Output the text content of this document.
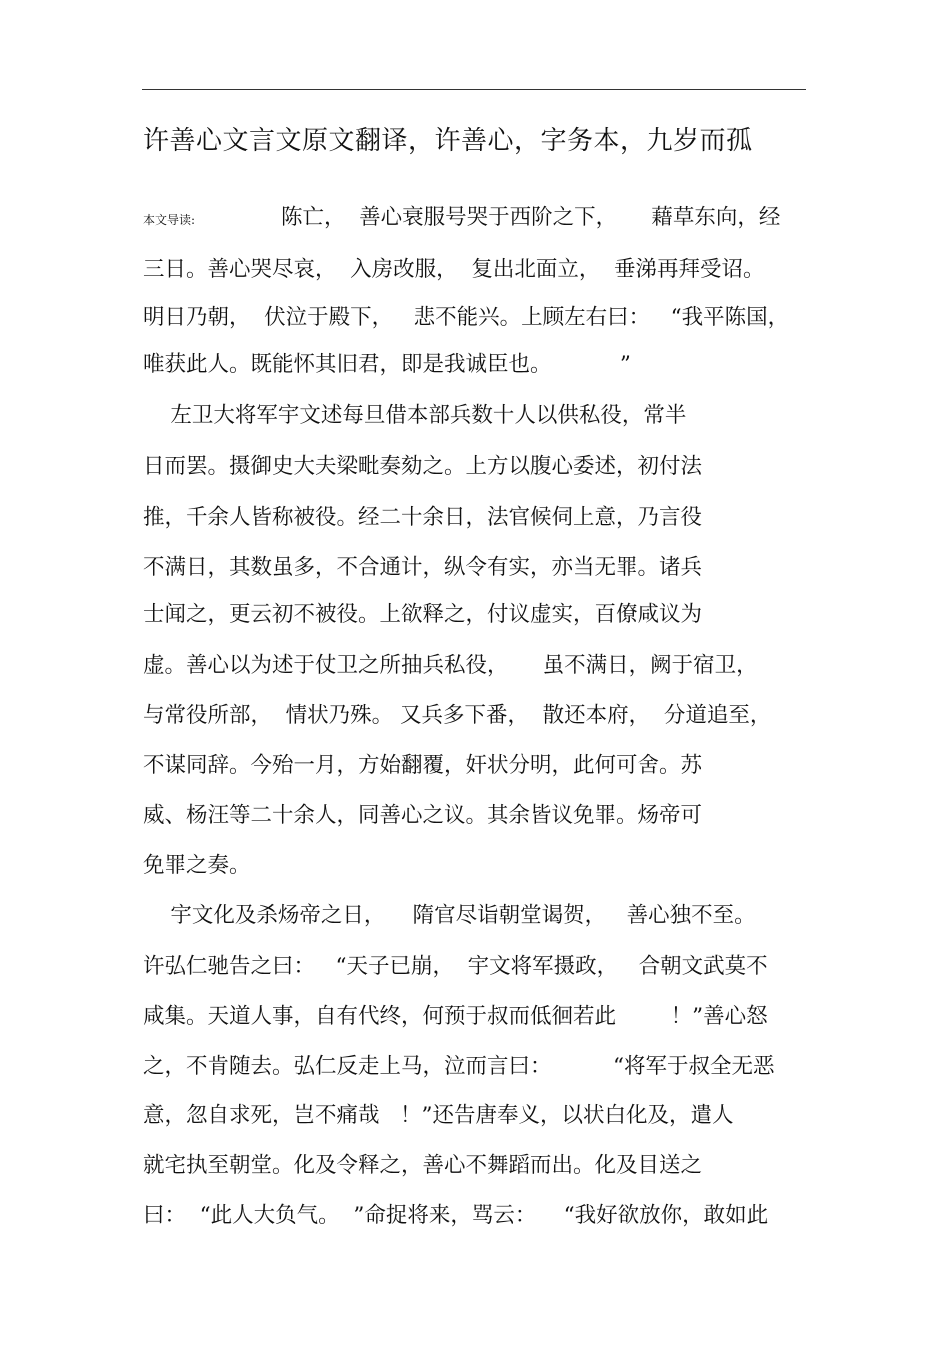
许善心文言文原文翻译，许善心，字务本，九岁而孤
本文导读:	陈亡，  善心衰服号哭于西阶之下，     藉草东向，经
三日。善心哭尽哀，  入房改服，  复出北面立，  垂涕再拜受诏。
明日乃朝，  伏泣于殿下，   悲不能兴。上顾左右曰：   “我平陈国，
唯获此人。既能怀其旧君，即是我诚臣也。          ”
左卫大将军宇文述每旦借本部兵数十人以供私役，常半
日而罢。摄御史大夫梁毗奏劾之。上方以腹心委述，初付法
推，千余人皆称被役。经二十余日，法官候伺上意，乃言役
不满日，其数虽多，不合通计，纵令有实，亦当无罪。诸兵
士闻之，更云初不被役。上欲释之，付议虚实，百僚咸议为
虚。善心以为述于仗卫之所抽兵私役，     虽不满日，阙于宿卫，
与常役所部，  情状乃殊。 又兵多下番，  散还本府，  分道追至，
不谋同辞。今殆一月，方始翻覆，奸状分明，此何可舍。苏
威、杨汪等二十余人，同善心之议。其余皆议免罪。炀帝可
免罪之奏。
宇文化及杀炀帝之日，    隋官尽诣朝堂谒贺，   善心独不至。
许弘仁驰告之曰：   “天子已崩，  宇文将军摄政，   合朝文武莫不
咸集。天道人事，自有代终，何预于叔而低徊若此        ！”善心怒
之，不肯随去。弘仁反走上马，泣而言曰：         “将军于叔全无恶
意，忽自求死，岂不痛哉   ！”还告唐奉义，以状白化及，遣人
就宅执至朝堂。化及令释之，善心不舞蹈而出。化及目送之
曰：  “此人大负气。  ”命捉将来，骂云：    “我好欲放你，敢如此
